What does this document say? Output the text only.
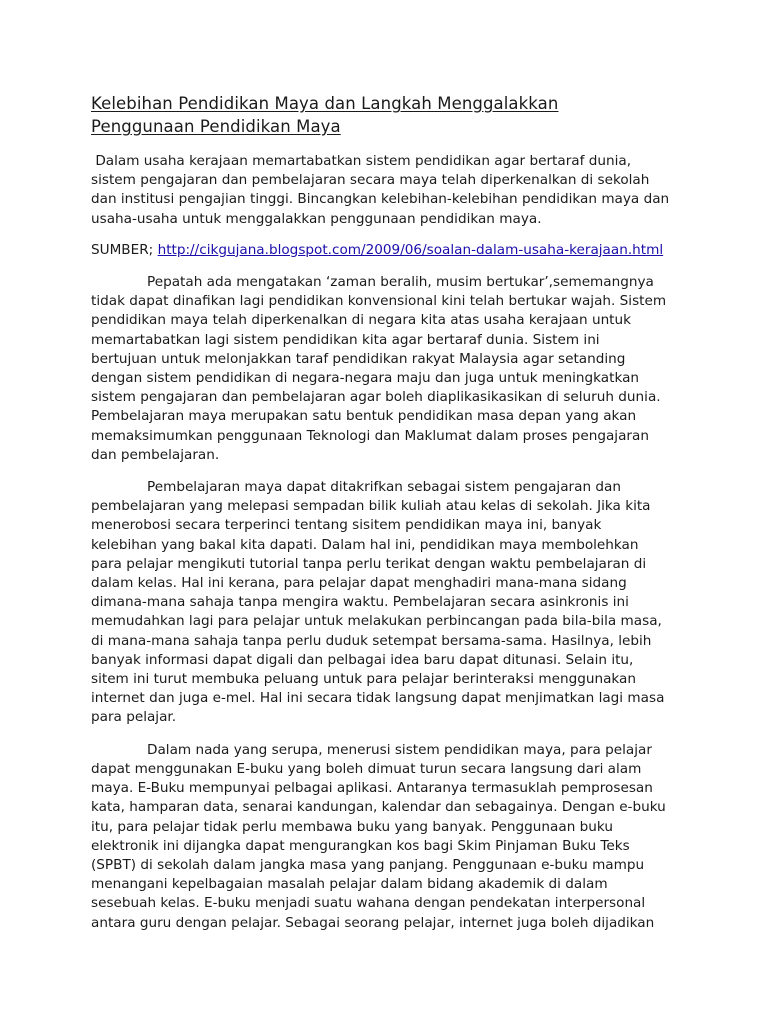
Kelebihan Pendidikan Maya dan Langkah Menggalakkan
Penggunaan Pendidikan Maya

Dalam usaha kerajaan memartabatkan sistem pendidikan agar bertaraf dunia,
sistem pengajaran dan pembelajaran secara maya telah diperkenalkan di sekolah
dan institusi pengajian tinggi. Bincangkan kelebihan-kelebihan pendidikan maya dan
usaha-usaha untuk menggalakkan penggunaan pendidikan maya.

SUMBER; http://cikgujana.blogspot.com/2009/06/soalan-dalam-usaha-kerajaan.html

Pepatah ada mengatakan ‘zaman beralih, musim bertukar’,sememangnya
tidak dapat dinafikan lagi pendidikan konvensional kini telah bertukar wajah. Sistem
pendidikan maya telah diperkenalkan di negara kita atas usaha kerajaan untuk
memartabatkan lagi sistem pendidikan kita agar bertaraf dunia. Sistem ini
bertujuan untuk melonjakkan taraf pendidikan rakyat Malaysia agar setanding
dengan sistem pendidikan di negara-negara maju dan juga untuk meningkatkan
sistem pengajaran dan pembelajaran agar boleh diaplikasikasikan di seluruh dunia.
Pembelajaran maya merupakan satu bentuk pendidikan masa depan yang akan
memaksimumkan penggunaan Teknologi dan Maklumat dalam proses pengajaran
dan pembelajaran.

Pembelajaran maya dapat ditakrifkan sebagai sistem pengajaran dan
pembelajaran yang melepasi sempadan bilik kuliah atau kelas di sekolah. Jika kita
menerobosi secara terperinci tentang sisitem pendidikan maya ini, banyak
kelebihan yang bakal kita dapati. Dalam hal ini, pendidikan maya membolehkan
para pelajar mengikuti tutorial tanpa perlu terikat dengan waktu pembelajaran di
dalam kelas. Hal ini kerana, para pelajar dapat menghadiri mana-mana sidang
dimana-mana sahaja tanpa mengira waktu. Pembelajaran secara asinkronis ini
memudahkan lagi para pelajar untuk melakukan perbincangan pada bila-bila masa,
di mana-mana sahaja tanpa perlu duduk setempat bersama-sama. Hasilnya, lebih
banyak informasi dapat digali dan pelbagai idea baru dapat ditunasi. Selain itu,
sitem ini turut membuka peluang untuk para pelajar berinteraksi menggunakan
internet dan juga e-mel. Hal ini secara tidak langsung dapat menjimatkan lagi masa
para pelajar.

Dalam nada yang serupa, menerusi sistem pendidikan maya, para pelajar
dapat menggunakan E-buku yang boleh dimuat turun secara langsung dari alam
maya. E-Buku mempunyai pelbagai aplikasi. Antaranya termasuklah pemprosesan
kata, hamparan data, senarai kandungan, kalendar dan sebagainya. Dengan e-buku
itu, para pelajar tidak perlu membawa buku yang banyak. Penggunaan buku
elektronik ini dijangka dapat mengurangkan kos bagi Skim Pinjaman Buku Teks
(SPBT) di sekolah dalam jangka masa yang panjang. Penggunaan e-buku mampu
menangani kepelbagaian masalah pelajar dalam bidang akademik di dalam
sesebuah kelas. E-buku menjadi suatu wahana dengan pendekatan interpersonal
antara guru dengan pelajar. Sebagai seorang pelajar, internet juga boleh dijadikan
